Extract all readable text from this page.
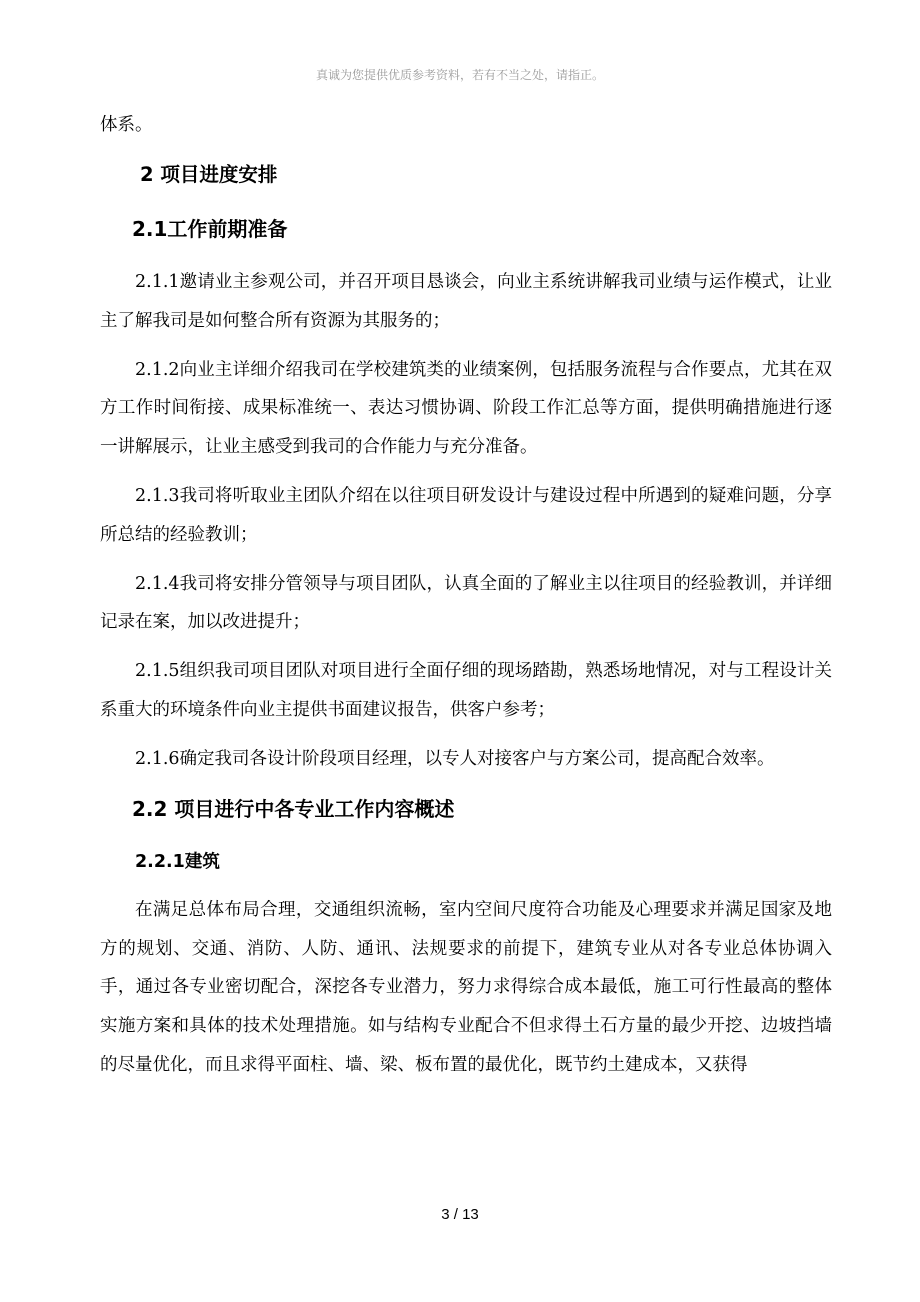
真诚为您提供优质参考资料，若有不当之处，请指正。

体系。

2 项目进度安排
2.1工作前期准备

2.1.1邀请业主参观公司，并召开项目恳谈会，向业主系统讲解我司业绩与运作模式，让业主了解我司是如何整合所有资源为其服务的；

2.1.2向业主详细介绍我司在学校建筑类的业绩案例，包括服务流程与合作要点，尤其在双方工作时间衔接、成果标准统一、表达习惯协调、阶段工作汇总等方面，提供明确措施进行逐一讲解展示，让业主感受到我司的合作能力与充分准备。

2.1.3我司将听取业主团队介绍在以往项目研发设计与建设过程中所遇到的疑难问题，分享所总结的经验教训；

2.1.4我司将安排分管领导与项目团队，认真全面的了解业主以往项目的经验教训，并详细记录在案，加以改进提升；

2.1.5组织我司项目团队对项目进行全面仔细的现场踏勘，熟悉场地情况，对与工程设计关系重大的环境条件向业主提供书面建议报告，供客户参考；

2.1.6确定我司各设计阶段项目经理，以专人对接客户与方案公司，提高配合效率。

2.2 项目进行中各专业工作内容概述
2.2.1建筑

在满足总体布局合理，交通组织流畅，室内空间尺度符合功能及心理要求并满足国家及地方的规划、交通、消防、人防、通讯、法规要求的前提下，建筑专业从对各专业总体协调入手，通过各专业密切配合，深挖各专业潜力，努力求得综合成本最低，施工可行性最高的整体实施方案和具体的技术处理措施。如与结构专业配合不但求得土石方量的最少开挖、边坡挡墙的尽量优化，而且求得平面柱、墙、梁、板布置的最优化，既节约土建成本，又获得

3 / 13
